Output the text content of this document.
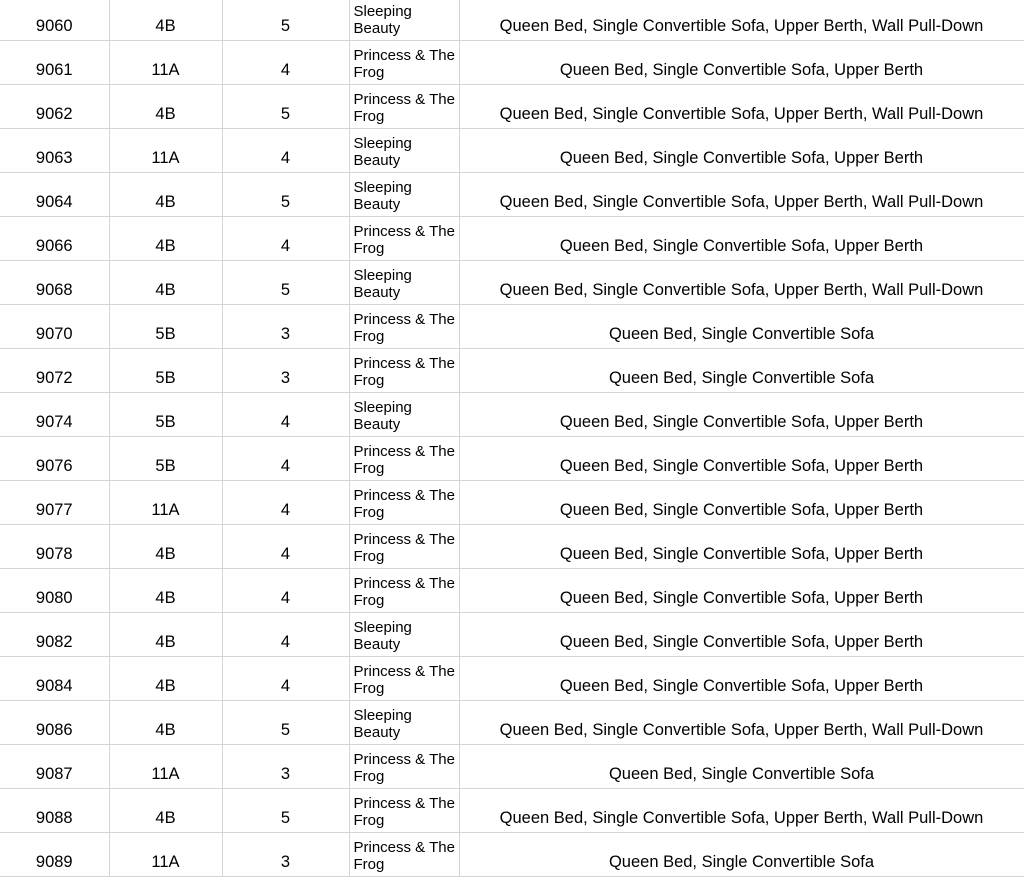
9060	4B	5	Sleeping
Beauty	Queen Bed, Single Convertible Sofa, Upper Berth, Wall Pull-Down
9061	11A	4	Princess & The
Frog	Queen Bed, Single Convertible Sofa, Upper Berth
9062	4B	5	Princess & The
Frog	Queen Bed, Single Convertible Sofa, Upper Berth, Wall Pull-Down
9063	11A	4	Sleeping
Beauty	Queen Bed, Single Convertible Sofa, Upper Berth
9064	4B	5	Sleeping
Beauty	Queen Bed, Single Convertible Sofa, Upper Berth, Wall Pull-Down
9066	4B	4	Princess & The
Frog	Queen Bed, Single Convertible Sofa, Upper Berth
9068	4B	5	Sleeping
Beauty	Queen Bed, Single Convertible Sofa, Upper Berth, Wall Pull-Down
9070	5B	3	Princess & The
Frog	Queen Bed, Single Convertible Sofa
9072	5B	3	Princess & The
Frog	Queen Bed, Single Convertible Sofa
9074	5B	4	Sleeping
Beauty	Queen Bed, Single Convertible Sofa, Upper Berth
9076	5B	4	Princess & The
Frog	Queen Bed, Single Convertible Sofa, Upper Berth
9077	11A	4	Princess & The
Frog	Queen Bed, Single Convertible Sofa, Upper Berth
9078	4B	4	Princess & The
Frog	Queen Bed, Single Convertible Sofa, Upper Berth
9080	4B	4	Princess & The
Frog	Queen Bed, Single Convertible Sofa, Upper Berth
9082	4B	4	Sleeping
Beauty	Queen Bed, Single Convertible Sofa, Upper Berth
9084	4B	4	Princess & The
Frog	Queen Bed, Single Convertible Sofa, Upper Berth
9086	4B	5	Sleeping
Beauty	Queen Bed, Single Convertible Sofa, Upper Berth, Wall Pull-Down
9087	11A	3	Princess & The
Frog	Queen Bed, Single Convertible Sofa
9088	4B	5	Princess & The
Frog	Queen Bed, Single Convertible Sofa, Upper Berth, Wall Pull-Down
9089	11A	3	Princess & The
Frog	Queen Bed, Single Convertible Sofa
